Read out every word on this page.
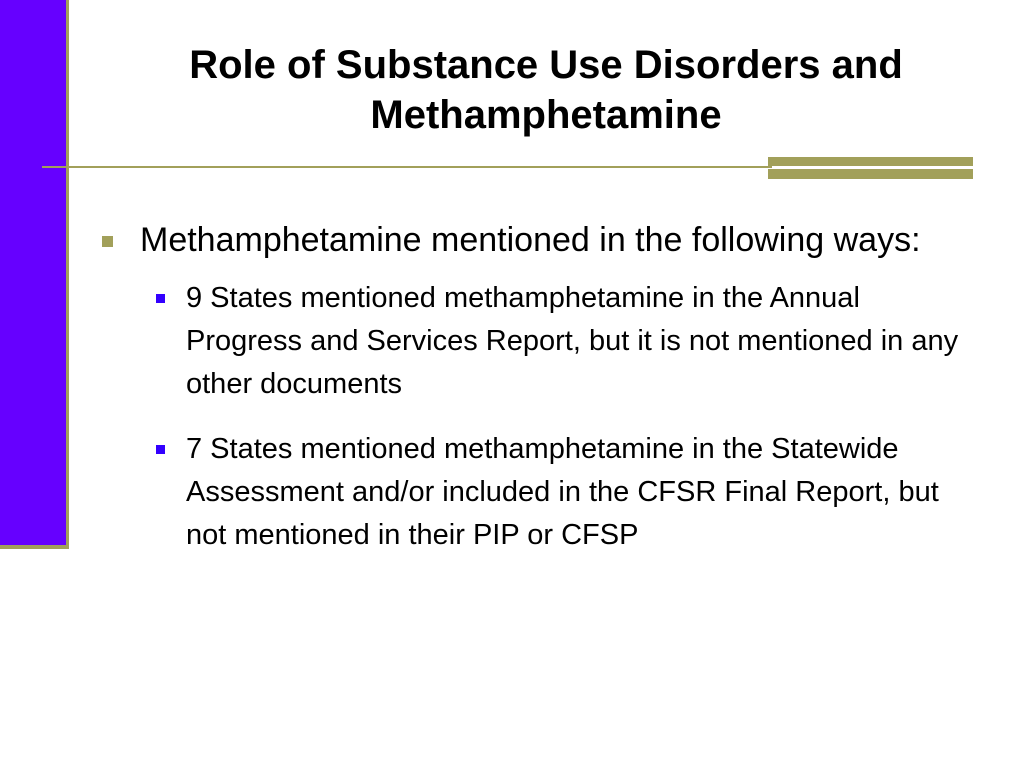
Role of Substance Use Disorders and Methamphetamine
Methamphetamine mentioned in the following ways:
9 States mentioned methamphetamine in the Annual Progress and Services Report, but it is not mentioned in any other documents
7 States mentioned methamphetamine in the Statewide Assessment and/or included in the CFSR Final Report, but not mentioned in their PIP or CFSP
